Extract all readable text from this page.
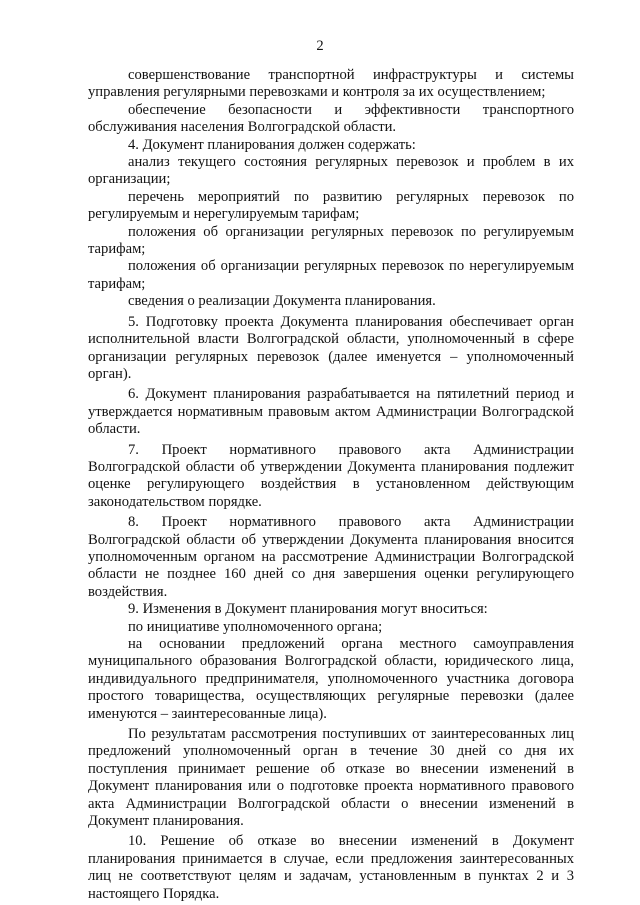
2

совершенствование транспортной инфраструктуры и системы управления регулярными перевозками и контроля за их осуществлением;

обеспечение безопасности и эффективности транспортного обслуживания населения Волгоградской области.

4. Документ планирования должен содержать:

анализ текущего состояния регулярных перевозок и проблем в их организации;

перечень мероприятий по развитию регулярных перевозок по регулируемым и нерегулируемым тарифам;

положения об организации регулярных перевозок по регулируемым тарифам;

положения об организации регулярных перевозок по нерегулируемым тарифам;

сведения о реализации Документа планирования.

5. Подготовку проекта Документа планирования обеспечивает орган исполнительной власти Волгоградской области, уполномоченный в сфере организации регулярных перевозок (далее именуется – уполномоченный орган).

6. Документ планирования разрабатывается на пятилетний период и утверждается нормативным правовым актом Администрации Волгоградской области.

7. Проект нормативного правового акта Администрации Волгоградской области об утверждении Документа планирования подлежит оценке регулирующего воздействия в установленном действующим законодательством порядке.

8. Проект нормативного правового акта Администрации Волгоградской области об утверждении Документа планирования вносится уполномоченным органом на рассмотрение Администрации Волгоградской области не позднее 160 дней со дня завершения оценки регулирующего воздействия.

9. Изменения в Документ планирования могут вноситься:

по инициативе уполномоченного органа;

на основании предложений органа местного самоуправления муниципального образования Волгоградской области, юридического лица, индивидуального предпринимателя, уполномоченного участника договора простого товарищества, осуществляющих регулярные перевозки (далее именуются – заинтересованные лица).

По результатам рассмотрения поступивших от заинтересованных лиц предложений уполномоченный орган в течение 30 дней со дня их поступления принимает решение об отказе во внесении изменений в Документ планирования или о подготовке проекта нормативного правового акта Администрации Волгоградской области о внесении изменений в Документ планирования.

10. Решение об отказе во внесении изменений в Документ планирования принимается в случае, если предложения заинтересованных лиц не соответствуют целям и задачам, установленным в пунктах 2 и 3 настоящего Порядка.
